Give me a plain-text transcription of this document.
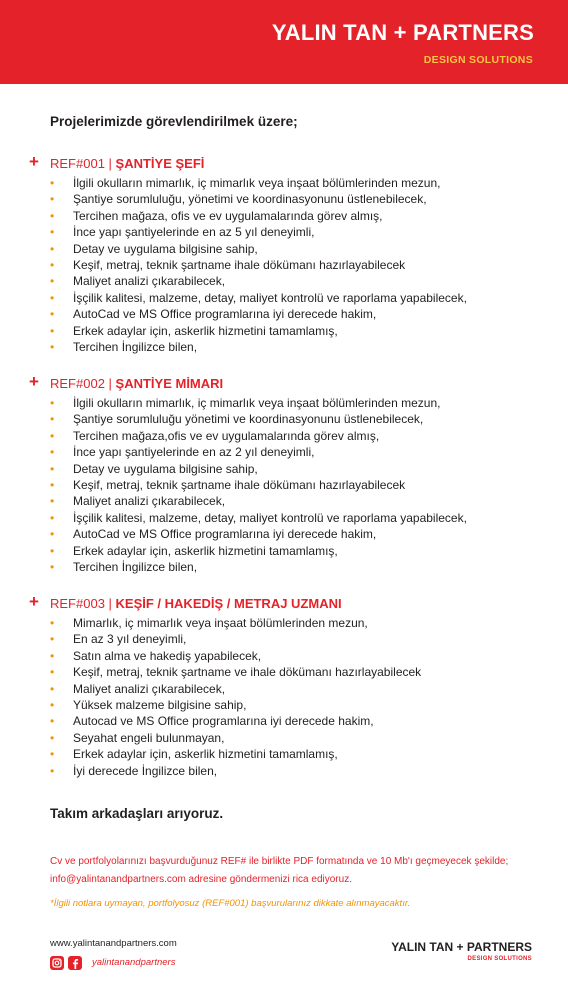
YALIN TAN + PARTNERS
DESIGN SOLUTIONS
Projelerimizde görevlendirilmek üzere;
+ REF#001 | ŞANTİYE ŞEFİ
• İlgili okulların mimarlık, iç mimarlık veya inşaat bölümlerinden mezun,
• Şantiye sorumluluğu, yönetimi ve koordinasyonunu üstlenebilecek,
• Tercihen mağaza, ofis ve ev uygulamalarında görev almış,
• İnce yapı şantiyelerinde en az 5 yıl deneyimli,
• Detay ve uygulama bilgisine sahip,
• Keşif, metraj, teknik şartname ihale dökümanı hazırlayabilecek
• Maliyet analizi çıkarabilecek,
• İşçilik kalitesi, malzeme, detay, maliyet kontrolü ve raporlama yapabilecek,
• AutoCad ve MS Office programlarına iyi derecede hakim,
• Erkek adaylar için, askerlik hizmetini tamamlamış,
• Tercihen İngilizce bilen,
+ REF#002 | ŞANTİYE MİMARI
• İlgili okulların mimarlık, iç mimarlık veya inşaat bölümlerinden mezun,
• Şantiye sorumluluğu yönetimi ve koordinasyonunu üstlenebilecek,
• Tercihen mağaza,ofis ve ev uygulamalarında görev almış,
• İnce yapı şantiyelerinde en az 2 yıl deneyimli,
• Detay ve uygulama bilgisine sahip,
• Keşif, metraj, teknik şartname ihale dökümanı hazırlayabilecek
• Maliyet analizi çıkarabilecek,
• İşçilik kalitesi, malzeme, detay, maliyet kontrolü ve raporlama yapabilecek,
• AutoCad ve MS Office programlarına iyi derecede hakim,
• Erkek adaylar için, askerlik hizmetini tamamlamış,
• Tercihen İngilizce bilen,
+ REF#003 | KEŞİF / HAKEDİŞ / METRAJ UZMANI
• Mimarlık, iç mimarlık veya inşaat bölümlerinden mezun,
• En az 3 yıl deneyimli,
• Satın alma ve hakediş yapabilecek,
• Keşif, metraj, teknik şartname ve ihale dökümanı hazırlayabilecek
• Maliyet analizi çıkarabilecek,
• Yüksek malzeme bilgisine sahip,
• Autocad ve MS Office programlarına iyi derecede hakim,
• Seyahat engeli bulunmayan,
• Erkek adaylar için, askerlik hizmetini tamamlamış,
• İyi derecede İngilizce bilen,
Takım arkadaşları arıyoruz.
Cv ve portfolyolarınızı başvurduğunuz REF# ile birlikte PDF formatında ve 10 Mb'ı geçmeyecek şekilde; info@yalintanandpartners.com adresine göndermenizi rica ediyoruz.
*İlgili notlara uymayan, portfolyosuz (REF#001) başvurularınız dikkate alınmayacaktır.
www.yalintanandpartners.com
yalintanandpartners
YALIN TAN + PARTNERS
DESIGN SOLUTIONS
